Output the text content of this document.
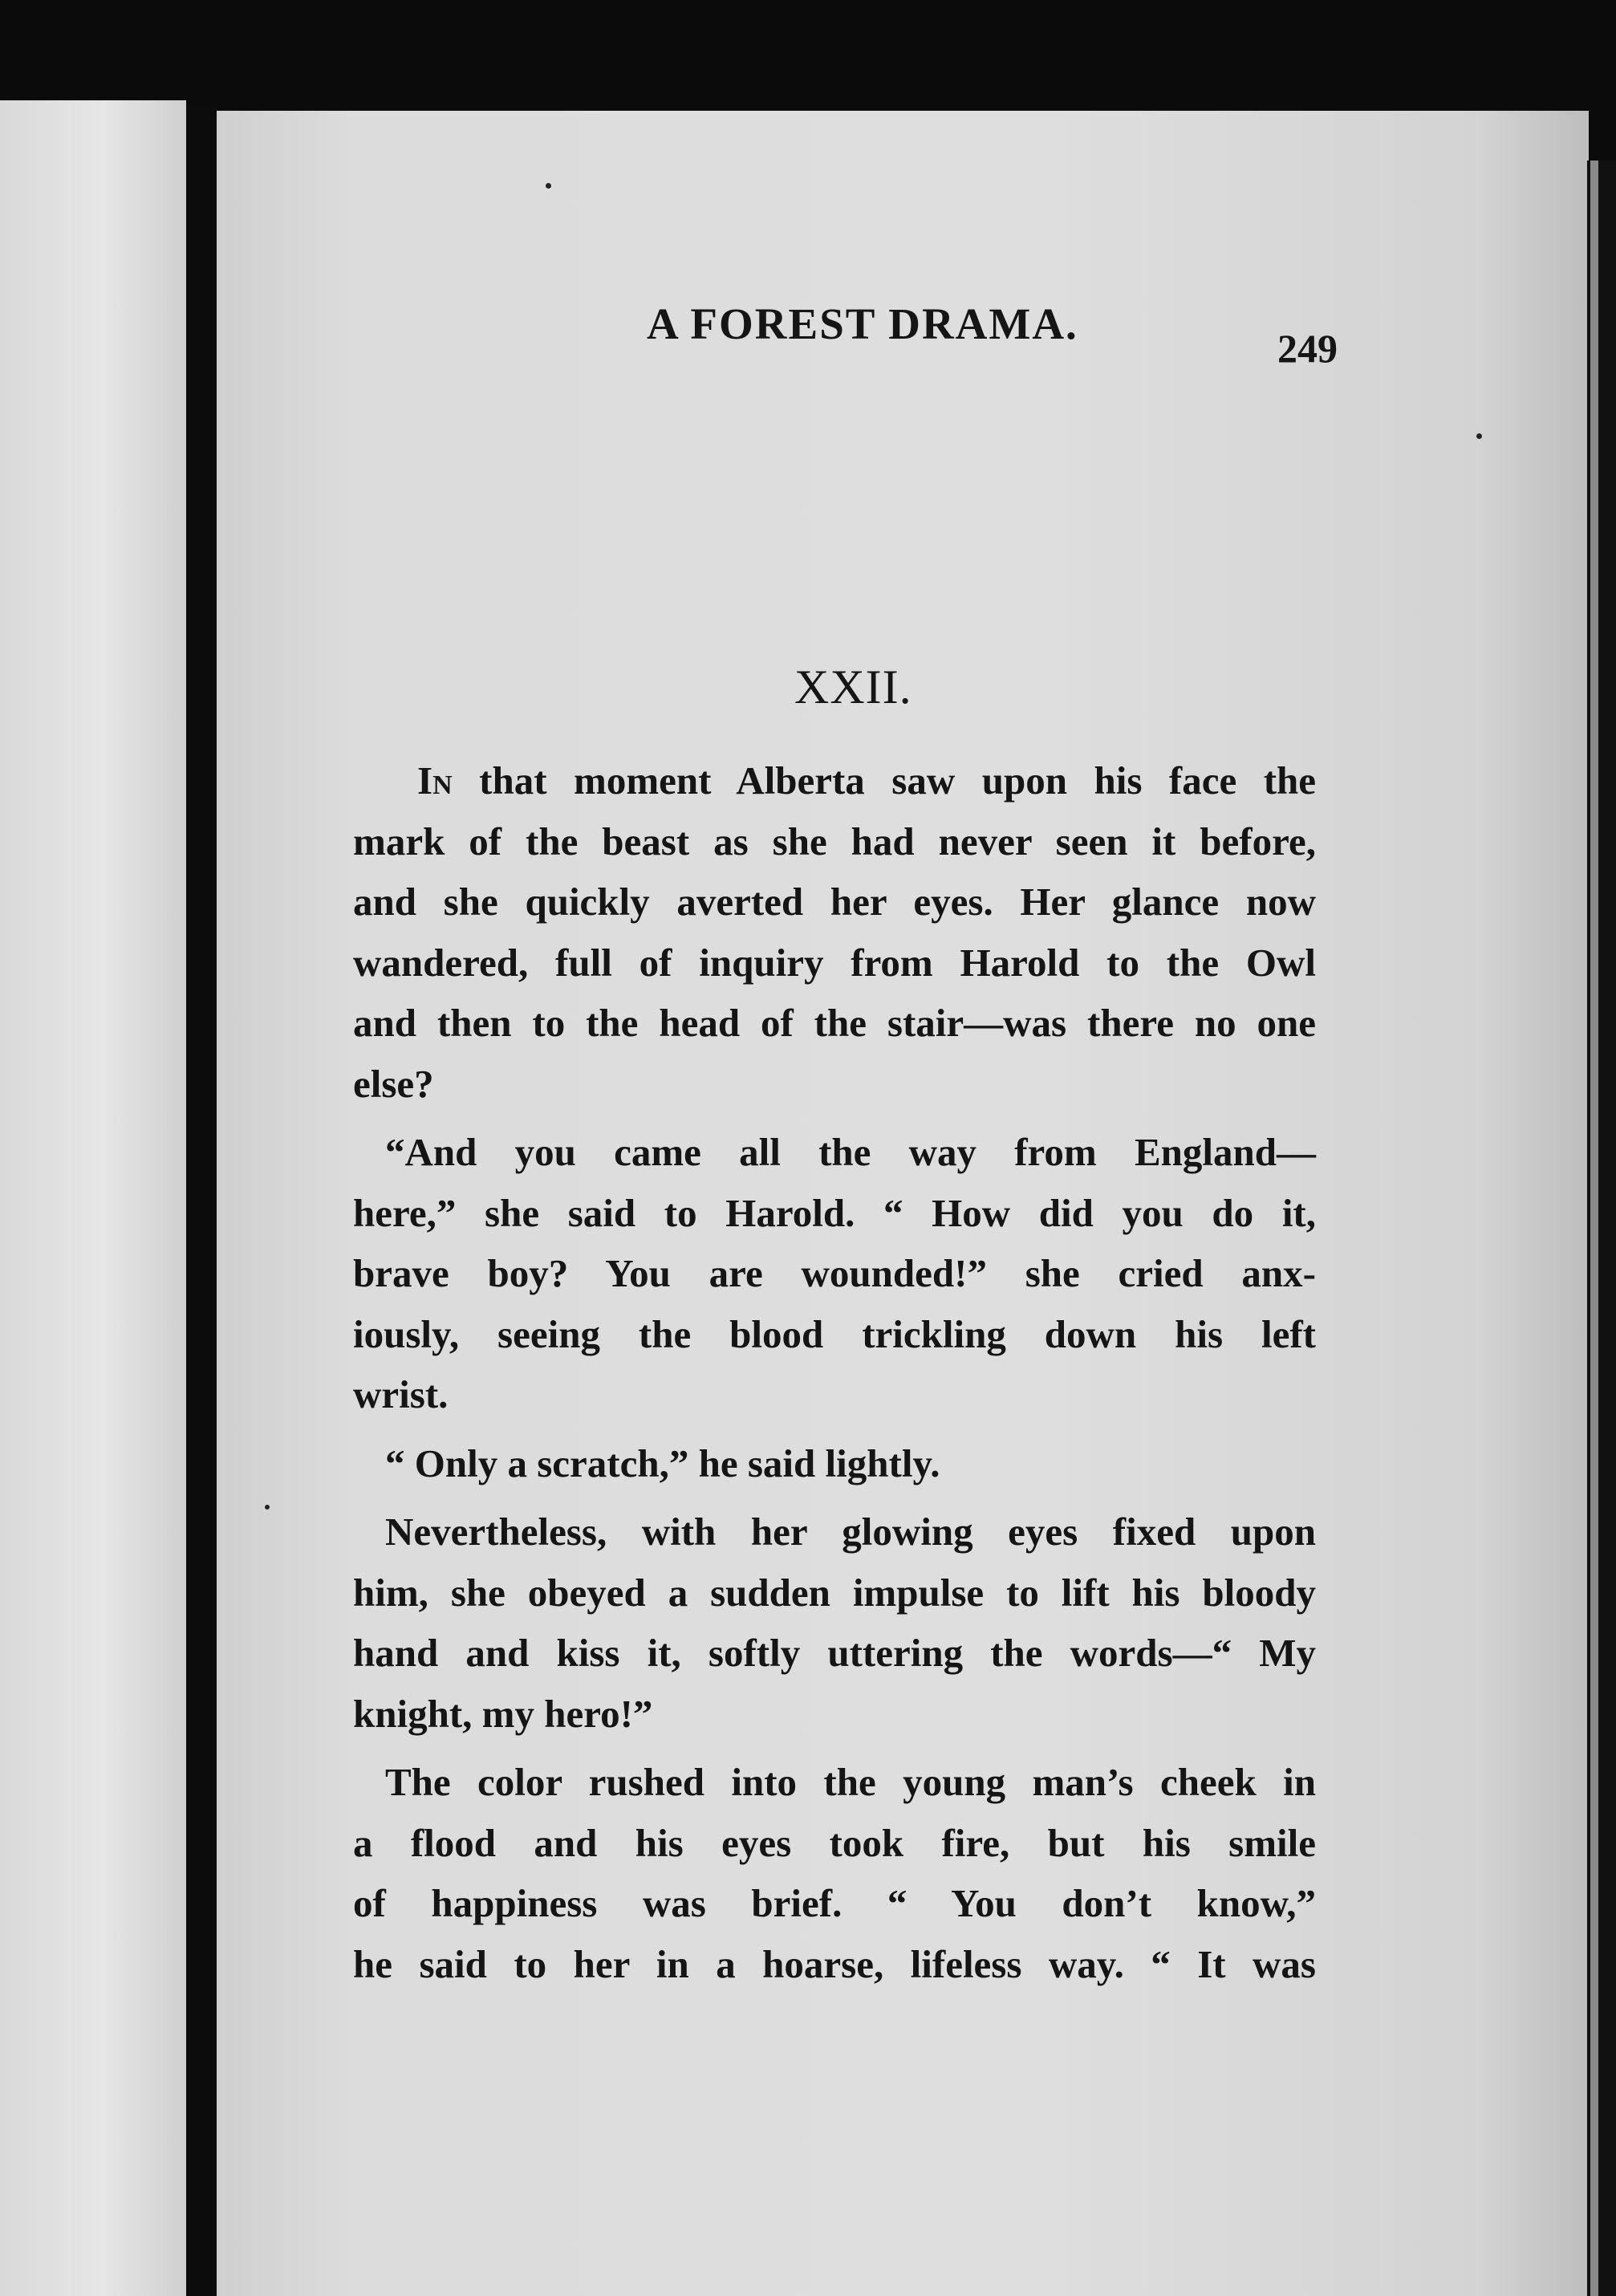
A FOREST DRAMA.	249
XXII.
In that moment Alberta saw upon his face the
mark of the beast as she had never seen it before,
and she quickly averted her eyes. Her glance now
wandered, full of inquiry from Harold to the Owl
and then to the head of the stair—was there no one
else?
“And you came all the way from England—
here,” she said to Harold. “ How did you do it,
brave boy? You are wounded!” she cried anx-
iously, seeing the blood trickling down his left
wrist.
“ Only a scratch,” he said lightly.
Nevertheless, with her glowing eyes fixed upon
him, she obeyed a sudden impulse to lift his bloody
hand and kiss it, softly uttering the words—“ My
knight, my hero!”
The color rushed into the young man’s cheek in
a flood and his eyes took fire, but his smile
of happiness was brief. “ You don’t know,”
he said to her in a hoarse, lifeless way. “ It was
